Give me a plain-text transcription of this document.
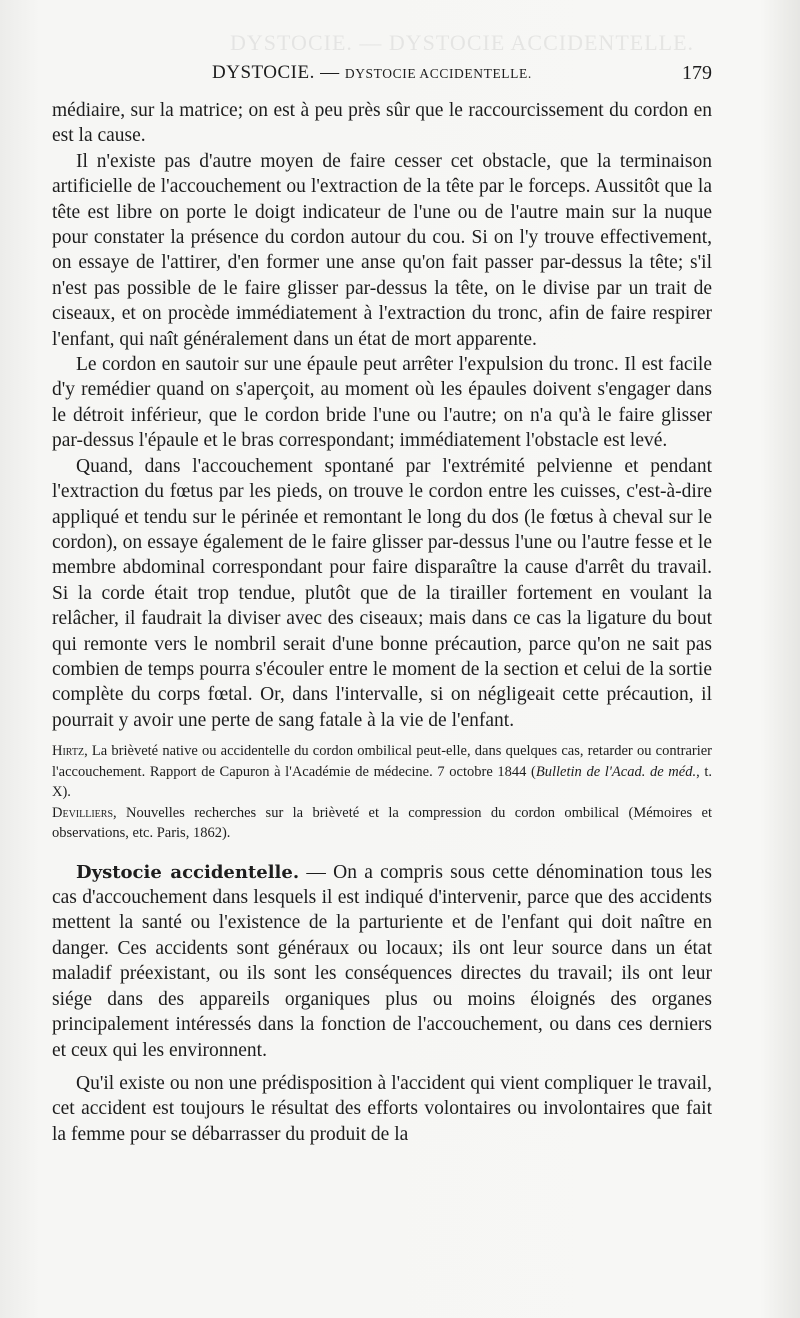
DYSTOCIE. — DYSTOCIE ACCIDENTELLE.
DYSTOCIE. — DYSTOCIE ACCIDENTELLE.	179

médiaire, sur la matrice; on est à peu près sûr que le raccourcissement du cordon en est la cause.

Il n'existe pas d'autre moyen de faire cesser cet obstacle, que la terminaison artificielle de l'accouchement ou l'extraction de la tête par le forceps. Aussitôt que la tête est libre on porte le doigt indicateur de l'une ou de l'autre main sur la nuque pour constater la présence du cordon autour du cou. Si on l'y trouve effectivement, on essaye de l'attirer, d'en former une anse qu'on fait passer par-dessus la tête; s'il n'est pas possible de le faire glisser par-dessus la tête, on le divise par un trait de ciseaux, et on procède immédiatement à l'extraction du tronc, afin de faire respirer l'enfant, qui naît généralement dans un état de mort apparente.

Le cordon en sautoir sur une épaule peut arrêter l'expulsion du tronc. Il est facile d'y remédier quand on s'aperçoit, au moment où les épaules doivent s'engager dans le détroit inférieur, que le cordon bride l'une ou l'autre; on n'a qu'à le faire glisser par-dessus l'épaule et le bras correspondant; immédiatement l'obstacle est levé.

Quand, dans l'accouchement spontané par l'extrémité pelvienne et pendant l'extraction du fœtus par les pieds, on trouve le cordon entre les cuisses, c'est-à-dire appliqué et tendu sur le périnée et remontant le long du dos (le fœtus à cheval sur le cordon), on essaye également de le faire glisser par-dessus l'une ou l'autre fesse et le membre abdominal correspondant pour faire disparaître la cause d'arrêt du travail. Si la corde était trop tendue, plutôt que de la tirailler fortement en voulant la relâcher, il faudrait la diviser avec des ciseaux; mais dans ce cas la ligature du bout qui remonte vers le nombril serait d'une bonne précaution, parce qu'on ne sait pas combien de temps pourra s'écouler entre le moment de la section et celui de la sortie complète du corps fœtal. Or, dans l'intervalle, si on négligeait cette précaution, il pourrait y avoir une perte de sang fatale à la vie de l'enfant.

Hirtz, La brièveté native ou accidentelle du cordon ombilical peut-elle, dans quelques cas, retarder ou contrarier l'accouchement. Rapport de Capuron à l'Académie de médecine. 7 octobre 1844 (Bulletin de l'Acad. de méd., t. X).

Devilliers, Nouvelles recherches sur la brièveté et la compression du cordon ombilical (Mémoires et observations, etc. Paris, 1862).

Dystocie accidentelle. — On a compris sous cette dénomination tous les cas d'accouchement dans lesquels il est indiqué d'intervenir, parce que des accidents mettent la santé ou l'existence de la parturiente et de l'enfant qui doit naître en danger. Ces accidents sont généraux ou locaux; ils ont leur source dans un état maladif préexistant, ou ils sont les conséquences directes du travail; ils ont leur siége dans des appareils organiques plus ou moins éloignés des organes principalement intéressés dans la fonction de l'accouchement, ou dans ces derniers et ceux qui les environnent.

Qu'il existe ou non une prédisposition à l'accident qui vient compliquer le travail, cet accident est toujours le résultat des efforts volontaires ou involontaires que fait la femme pour se débarrasser du produit de la
